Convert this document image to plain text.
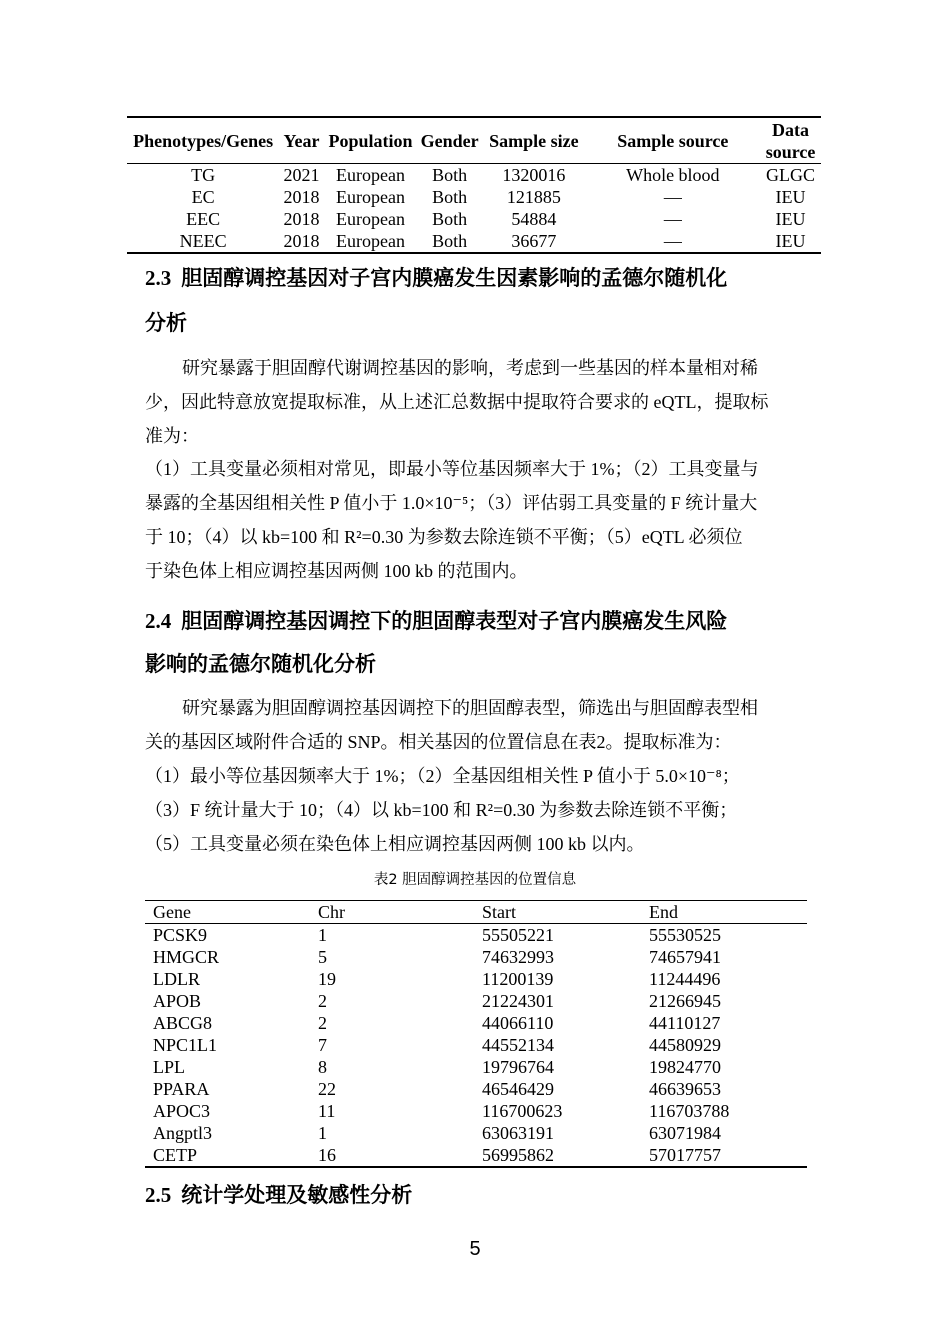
Phenotypes/Genes	Year	Population	Gender	Sample size	Sample source	Data source
TG	2021	European	Both	1320016	Whole blood	GLGC
EC	2018	European	Both	121885	—	IEU
EEC	2018	European	Both	54884	—	IEU
NEEC	2018	European	Both	36677	—	IEU
2.3 胆固醇调控基因对子宫内膜癌发生因素影响的孟德尔随机化
分析
研究暴露于胆固醇代谢调控基因的影响，考虑到一些基因的样本量相对稀
少，因此特意放宽提取标准，从上述汇总数据中提取符合要求的 eQTL，提取标
准为：
（1）工具变量必须相对常见，即最小等位基因频率大于 1%；（2）工具变量与
暴露的全基因组相关性 P 值小于 1.0×10⁻⁵；（3）评估弱工具变量的 F 统计量大
于 10；（4）以 kb=100 和 R²=0.30 为参数去除连锁不平衡；（5）eQTL 必须位
于染色体上相应调控基因两侧 100 kb 的范围内。
2.4 胆固醇调控基因调控下的胆固醇表型对子宫内膜癌发生风险
影响的孟德尔随机化分析
研究暴露为胆固醇调控基因调控下的胆固醇表型，筛选出与胆固醇表型相
关的基因区域附件合适的 SNP。相关基因的位置信息在表2。提取标准为：
（1）最小等位基因频率大于 1%；（2）全基因组相关性 P 值小于 5.0×10⁻⁸；
（3）F 统计量大于 10；（4）以 kb=100 和 R²=0.30 为参数去除连锁不平衡；
（5）工具变量必须在染色体上相应调控基因两侧 100 kb 以内。
表2 胆固醇调控基因的位置信息
Gene	Chr	Start	End
PCSK9	1	55505221	55530525
HMGCR	5	74632993	74657941
LDLR	19	11200139	11244496
APOB	2	21224301	21266945
ABCG8	2	44066110	44110127
NPC1L1	7	44552134	44580929
LPL	8	19796764	19824770
PPARA	22	46546429	46639653
APOC3	11	116700623	116703788
Angptl3	1	63063191	63071984
CETP	16	56995862	57017757
2.5 统计学处理及敏感性分析
5
